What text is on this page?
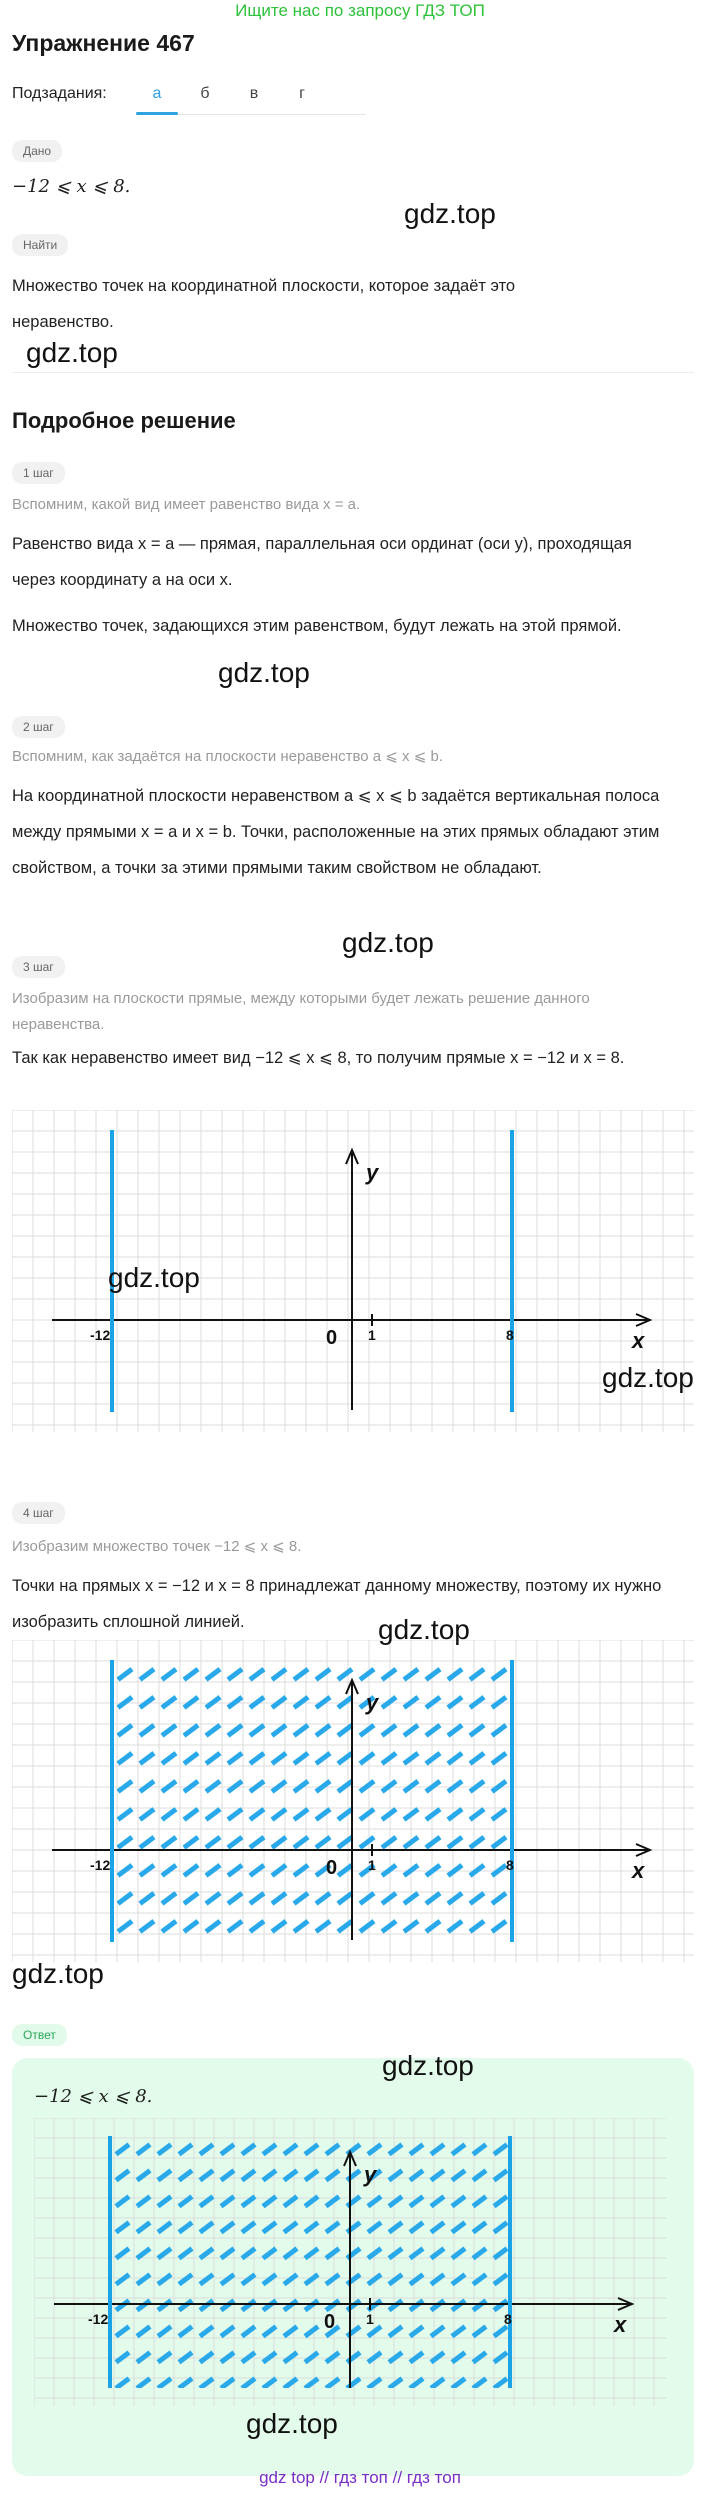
Ищите нас по запросу ГДЗ ТОП
Упражнение 467
Подзадания:	а	б	в	г
Дано
−12 ⩽ x ⩽ 8.
Найти
Множество точек на координатной плоскости, которое задаёт это неравенство.
Подробное решение
1 шаг
Вспомним, какой вид имеет равенство вида x = a.
Равенство вида x = a — прямая, параллельная оси ординат (оси y), проходящая через координату a на оси x.
Множество точек, задающихся этим равенством, будут лежать на этой прямой.
2 шаг
Вспомним, как задаётся на плоскости неравенство a ⩽ x ⩽ b.
На координатной плоскости неравенством a ⩽ x ⩽ b задаётся вертикальная полоса между прямыми x = a и x = b. Точки, расположенные на этих прямых обладают этим свойством, а точки за этими прямыми таким свойством не обладают.
3 шаг
Изобразим на плоскости прямые, между которыми будет лежать решение данного неравенства.
Так как неравенство имеет вид −12 ⩽ x ⩽ 8, то получим прямые x = −12 и x = 8.
x
y
0 1
-12	8
4 шаг
Изобразим множество точек −12 ⩽ x ⩽ 8.
Точки на прямых x = −12 и x = 8 принадлежат данному множеству, поэтому их нужно изобразить сплошной линией.
x
y
0 1
-12	8
Ответ
−12 ⩽ x ⩽ 8.
x
y
0 1
-12	8
gdz.top
gdz.top
gdz.top
gdz.top
gdz.top
gdz.top
gdz.top
gdz.top
gdz.top
gdz.top
gdz top // гдз топ // гдз топ
